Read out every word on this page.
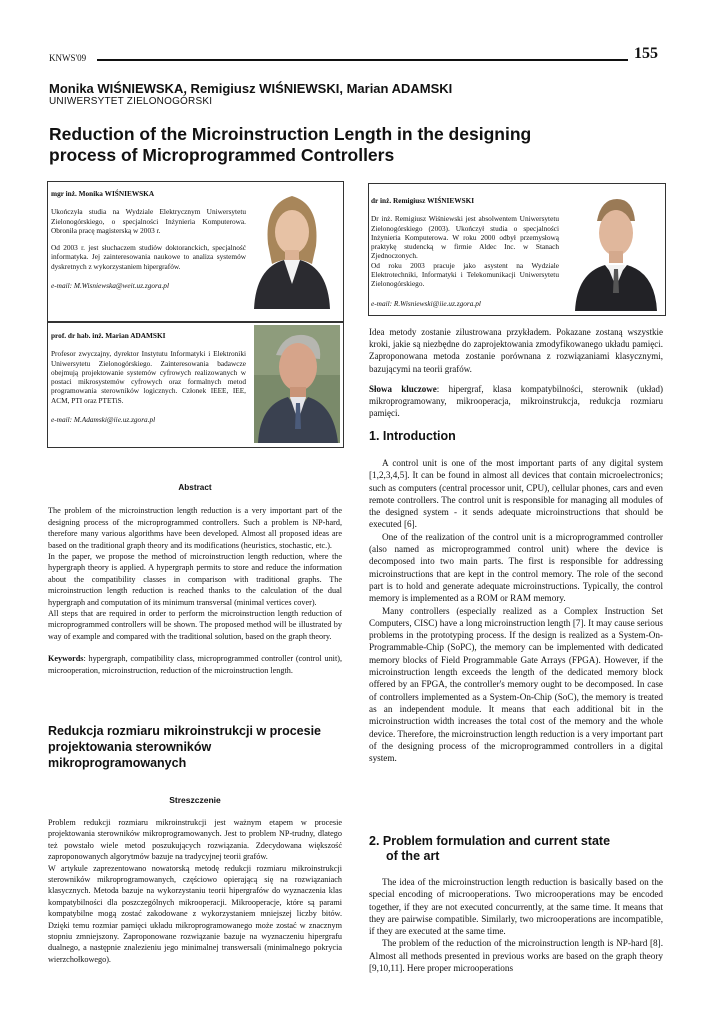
KNWS'09	155
Monika WIŚNIEWSKA, Remigiusz WIŚNIEWSKI, Marian ADAMSKI
UNIWERSYTET ZIELONOGÓRSKI
Reduction of the Microinstruction Length in the designing
process of Microprogrammed Controllers

mgr inż. Monika WIŚNIEWSKA

Ukończyła studia na Wydziale Elektrycznym Uniwersytetu Zielonogórskiego, o specjalności Inżynieria Komputerowa. Obroniła pracę magisterską w 2003 r.

Od 2003 r. jest słuchaczem studiów doktoranckich, specjalność informatyka. Jej zainteresowania naukowe to analiza systemów dyskretnych z wykorzystaniem hipergrafów.

e-mail: M.Wisniewska@weit.uz.zgora.pl

prof. dr hab. inż. Marian ADAMSKI

Profesor zwyczajny, dyrektor Instytutu Informatyki i Elektroniki Uniwersytetu Zielonogórskiego. Zainteresowania badawcze obejmują projektowanie systemów cyfrowych realizowanych w postaci mikrosystemów cyfrowych oraz formalnych metod programowania sterowników logicznych. Członek IEEE, IEE, ACM, PTI oraz PTETiS.

e-mail: M.Adamski@iie.uz.zgora.pl

dr inż. Remigiusz WIŚNIEWSKI

Dr inż. Remigiusz Wiśniewski jest absolwentem Uniwersytetu Zielonogórskiego (2003). Ukończył studia o specjalności Inżynieria Komputerowa. W roku 2000 odbył przemysłową praktykę studencką w firmie Aldec Inc. w Stanach Zjednoczonych.

Od roku 2003 pracuje jako asystent na Wydziale Elektrotechniki, Informatyki i Telekomunikacji Uniwersytetu Zielonogórskiego.

e-mail: R.Wisniewski@iie.uz.zgora.pl

Idea metody zostanie zilustrowana przykładem. Pokazane zostaną wszystkie kroki, jakie są niezbędne do zaprojektowania zmodyfikowanego układu pamięci. Zaproponowana metoda zostanie porównana z rozwiązaniami klasycznymi, bazującymi na teorii grafów.

Słowa kluczowe: hipergraf, klasa kompatybilności, sterownik (układ) mikroprogramowany, mikrooperacja, mikroinstrukcja, redukcja rozmiaru pamięci.

Abstract

The problem of the microinstruction length reduction is a very important part of the designing process of the microprogrammed controllers. Such a problem is NP-hard, therefore many various algorithms have been developed. Almost all proposed ideas are based on the traditional graph theory and its modifications (heuristics, stochastic, etc.).

In the paper, we propose the method of microinstruction length reduction, where the hypergraph theory is applied. A hypergraph permits to store and reduce the information about the compatibility classes in comparison with traditional graphs. The microinstruction length reduction is reached thanks to the calculation of the dual hypergraph and computation of its minimum transversal (minimal vertices cover).

All steps that are required in order to perform the microinstruction length reduction of microprogrammed controllers will be shown. The proposed method will be illustrated by way of example and compared with the traditional solution, based on the graph theory.

Keywords: hypergraph, compatibility class, microprogrammed controller (control unit), microoperation, microinstruction, reduction of the microinstruction length.

Redukcja rozmiaru mikroinstrukcji w procesie projektowania sterowników mikroprogramowanych

Streszczenie

Problem redukcji rozmiaru mikroinstrukcji jest ważnym etapem w procesie projektowania sterowników mikroprogramowanych. Jest to problem NP-trudny, dlatego też powstało wiele metod poszukujących rozwiązania. Zdecydowana większość zaproponowanych algorytmów bazuje na tradycyjnej teorii grafów.

W artykule zaprezentowano nowatorską metodę redukcji rozmiaru mikroinstrukcji sterowników mikroprogramowanych, częściowo opierającą się na rozwiązaniach klasycznych. Metoda bazuje na wykorzystaniu teorii hipergrafów do wyznaczenia klas kompatybilności dla poszczególnych mikrooperacji. Mikrooperacje, które są parami kompatybilne mogą zostać zakodowane z wykorzystaniem mniejszej liczby bitów. Dzięki temu rozmiar pamięci układu mikroprogramowanego może zostać w znacznym stopniu zmniejszony. Zaproponowane rozwiązanie bazuje na wyznaczeniu hipergrafu dualnego, a następnie znalezieniu jego minimalnej transwersali (minimalnego pokrycia wierzchołkowego).

1. Introduction

A control unit is one of the most important parts of any digital system [1,2,3,4,5]. It can be found in almost all devices that contain microelectronics; such as computers (central processor unit, CPU), cellular phones, cars and even remote controllers. The control unit is responsible for managing all modules of the designed system - it sends adequate microinstructions that should be executed [6].

One of the realization of the control unit is a microprogrammed controller (also named as microprogrammed control unit) where the device is decomposed into two main parts. The first is responsible for addressing microinstructions that are kept in the control memory. The role of the second part is to hold and generate adequate microinstructions. Typically, the control memory is implemented as a ROM or RAM memory.

Many controllers (especially realized as a Complex Instruction Set Computers, CISC) have a long microinstruction length [7]. It may cause serious problems in the prototyping process. If the design is realized as a System-On-Programmable-Chip (SoPC), the memory can be implemented with dedicated memory blocks of Field Programmable Gate Arrays (FPGA). However, if the microinstruction length exceeds the length of the dedicated memory block offered by an FPGA, the controller's memory ought to be decomposed. In case of controllers implemented as a System-On-Chip (SoC), the memory is treated as an independent module. It means that each additional bit in the microinstruction width increases the total cost of the memory and the whole device. Therefore, the microinstruction length reduction is a very important part of the designing process of the microprogrammed controllers in a digital system.

2. Problem formulation and current state
of the art

The idea of the microinstruction length reduction is basically based on the special encoding of microoperations. Two microoperations may be encoded together, if they are not executed concurrently, at the same time. It means that they are pairwise compatible. Similarly, two microoperations are incompatible, if they are executed at the same time.

The problem of the reduction of the microinstruction length is NP-hard [8]. Almost all methods presented in previous works are based on the graph theory [9,10,11]. Here proper microoperations
